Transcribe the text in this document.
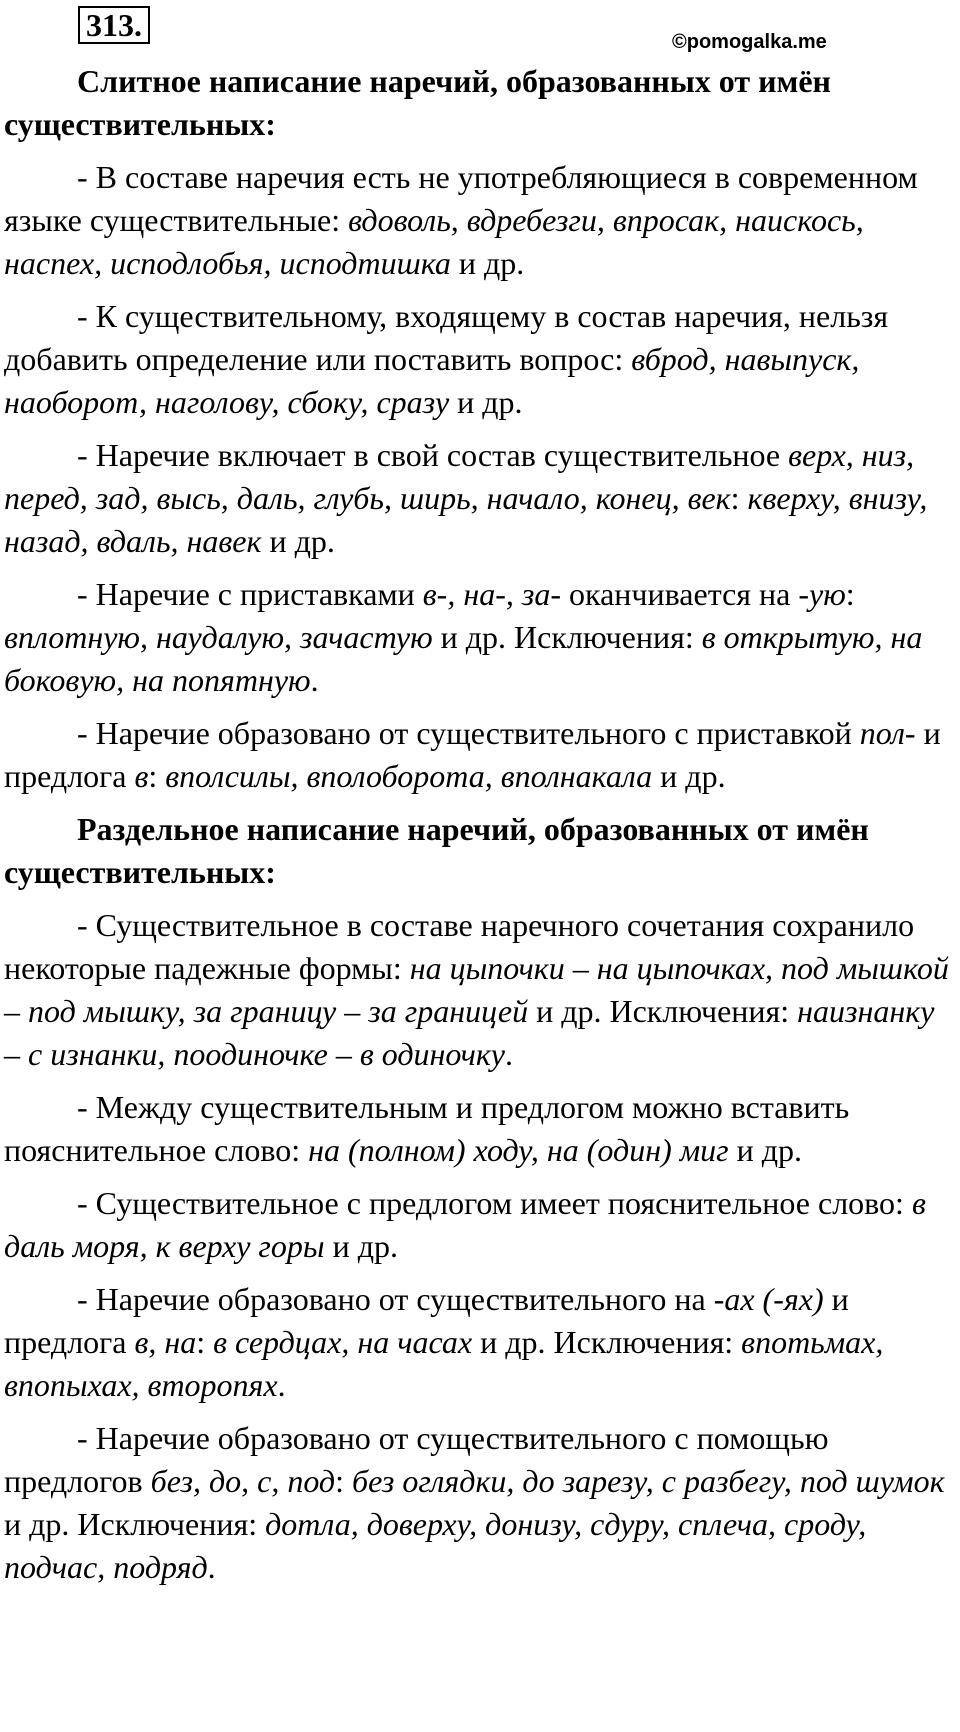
313.	©pomogalka.me

Слитное написание наречий, образованных от имён существительных:

- В составе наречия есть не употребляющиеся в современном языке существительные: вдоволь, вдребезги, впросак, наискось, наспех, исподлобья, исподтишка и др.

- К существительному, входящему в состав наречия, нельзя добавить определение или поставить вопрос: вброд, навыпуск, наоборот, наголову, сбоку, сразу и др.

- Наречие включает в свой состав существительное верх, низ, перед, зад, высь, даль, глубь, ширь, начало, конец, век: кверху, внизу, назад, вдаль, навек и др.

- Наречие с приставками в-, на-, за- оканчивается на -ую: вплотную, наудалую, зачастую и др. Исключения: в открытую, на боковую, на попятную.

- Наречие образовано от существительного с приставкой пол- и предлога в: вполсилы, вполоборота, вполнакала и др.

Раздельное написание наречий, образованных от имён существительных:

- Существительное в составе наречного сочетания сохранило некоторые падежные формы: на цыпочки – на цыпочках, под мышкой – под мышку, за границу – за границей и др. Исключения: наизнанку – с изнанки, поодиночке – в одиночку.

- Между существительным и предлогом можно вставить пояснительное слово: на (полном) ходу, на (один) миг и др.

- Существительное с предлогом имеет пояснительное слово: в даль моря, к верху горы и др.

- Наречие образовано от существительного на -ах (-ях) и предлога в, на: в сердцах, на часах и др. Исключения: впотьмах, впопыхах, второпях.

- Наречие образовано от существительного с помощью предлогов без, до, с, под: без оглядки, до зарезу, с разбегу, под шумок и др. Исключения: дотла, доверху, донизу, сдуру, сплеча, сроду, подчас, подряд.
